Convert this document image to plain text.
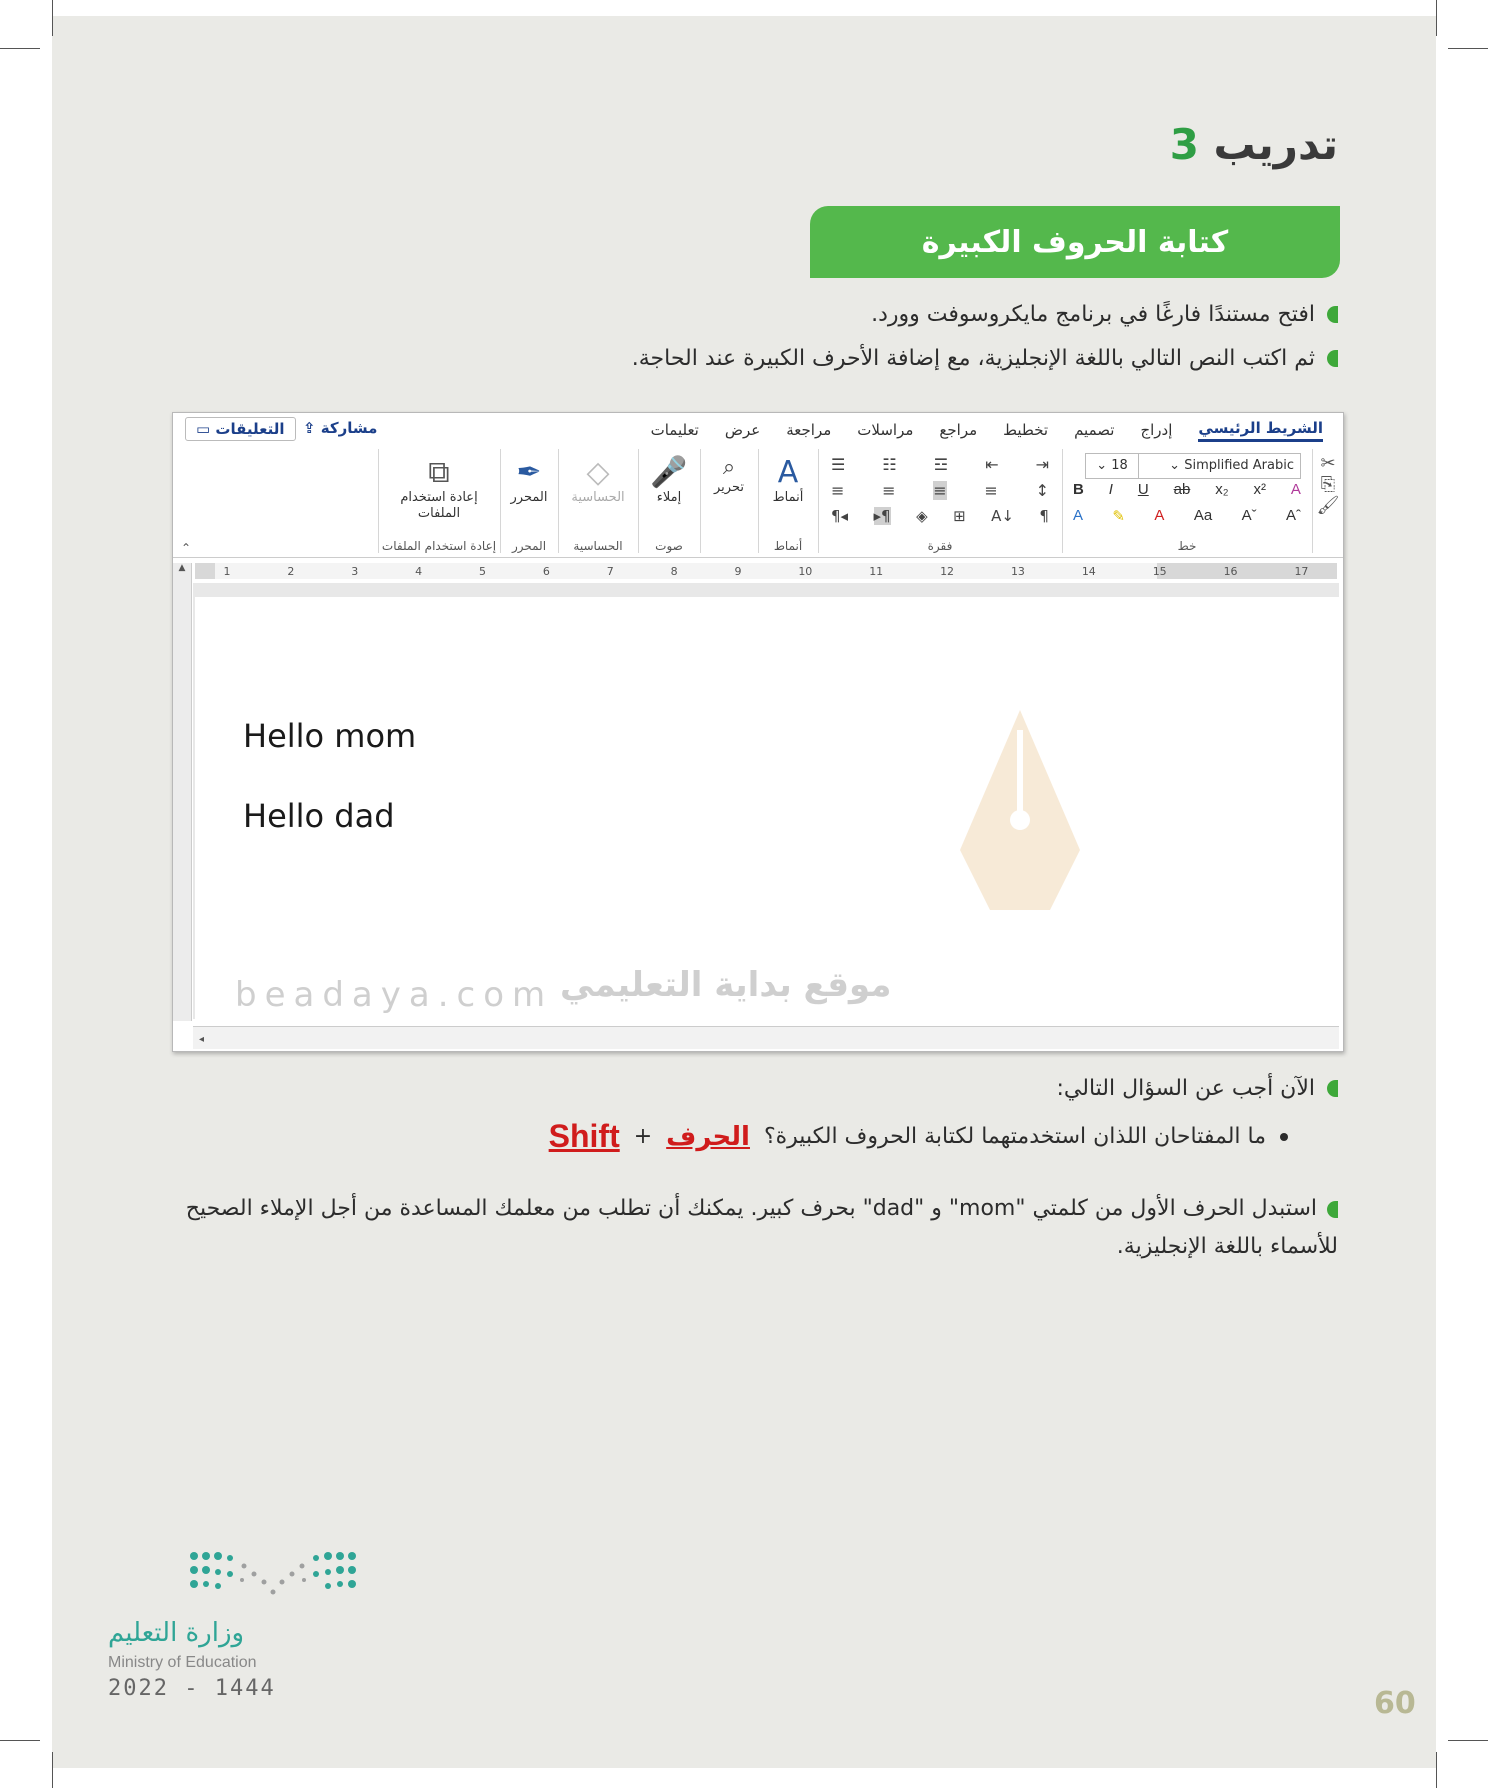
تدريب 3
كتابة الحروف الكبيرة
افتح مستندًا فارغًا في برنامج مايكروسوفت وورد.
ثم اكتب النص التالي باللغة الإنجليزية، مع إضافة الأحرف الكبيرة عند الحاجة.
الشريط الرئيسي
إدراج
تصميم
تخطيط
مراجع
مراسلات
مراجعة
عرض
تعليمات
⇪ مشاركة
▭ التعليقات
✂
⎘
🖌
⌄ Simplified Arabic
⌄ 18
B I U ab x₂ x² A
A ✎ A Aa Aˇ Aˆ
خط
☰ ☷ ☲ ⇤ ⇥
≡ ≡ ≡ ≡ ↕
¶◂ ▸¶ ◈ ⊞ A↓ ¶
فقرة
A
أنماط
أنماط
⌕
تحرير
🎤
إملاء
صوت
◇
الحساسية
الحساسية
✒
المحرر
المحرر
⧉
إعادة استخدام الملفات
إعادة استخدام الملفات
⌃
▲	1	2	3	4	5	6	7	8	9	10	11	12	13	14	15	16	17
Hello mom
Hello dad
◂
beadaya.com موقع بداية التعليمي
الآن أجب عن السؤال التالي:
ما المفتاحان اللذان استخدمتهما لكتابة الحروف الكبيرة؟
الحرف
+
Shift
استبدل الحرف الأول من كلمتي "mom" و "dad" بحرف كبير. يمكنك أن تطلب من معلمك المساعدة من أجل الإملاء الصحيح للأسماء باللغة الإنجليزية.
وزارة التعليم
Ministry of Education
2022 - 1444	60
